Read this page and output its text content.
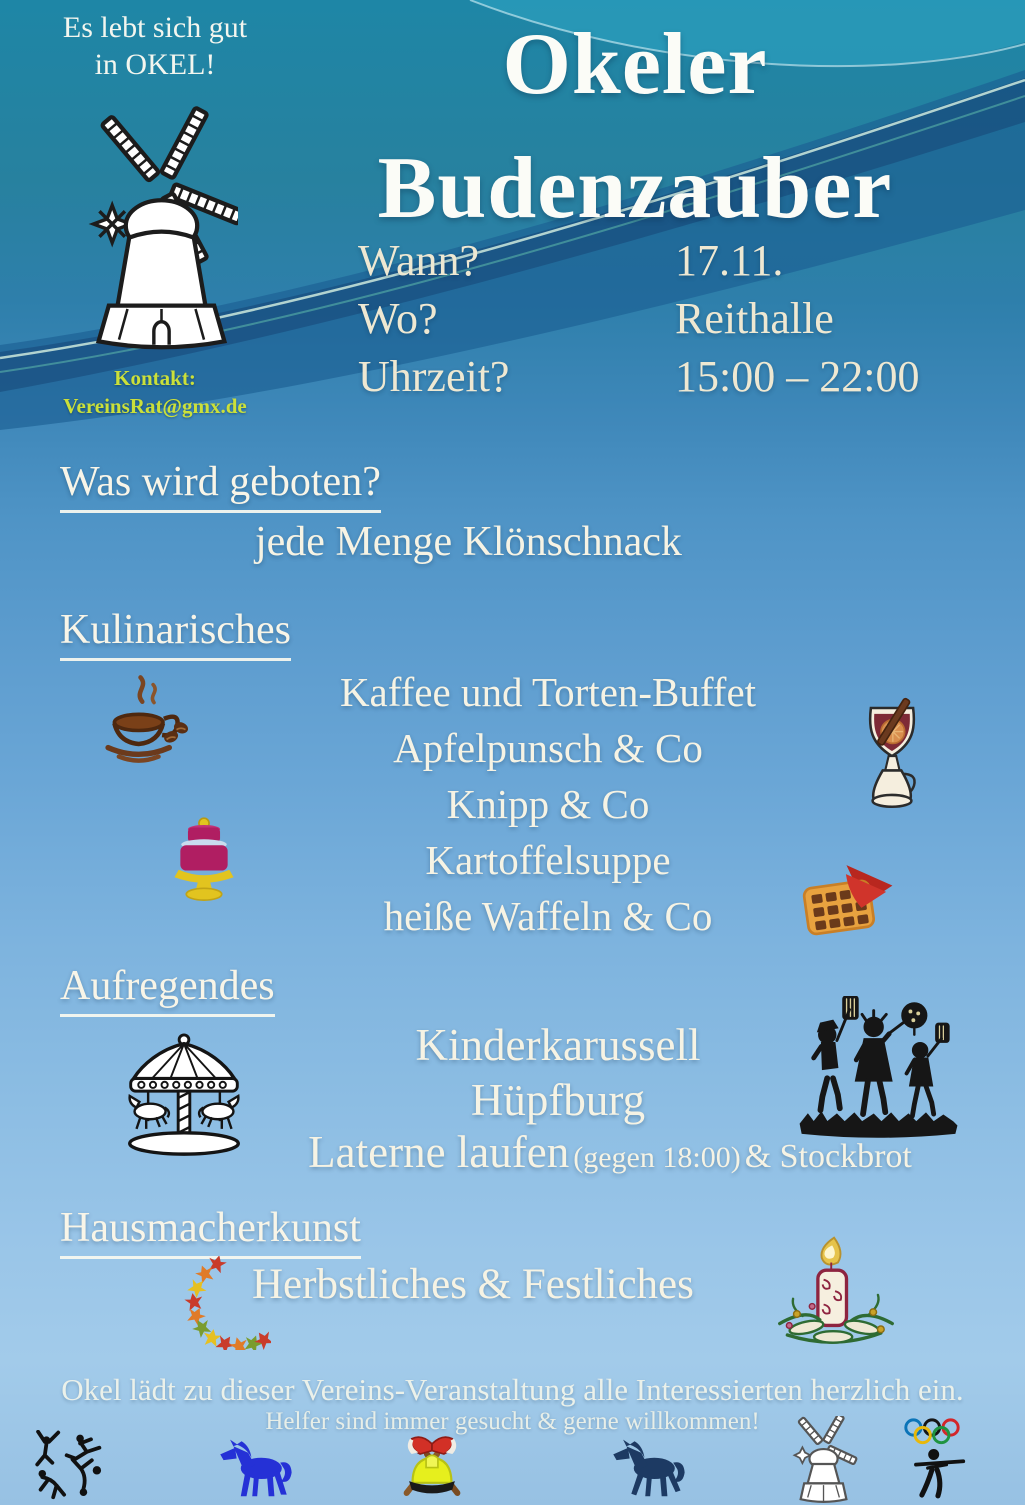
Es lebt sich gut
in OKEL!
Kontakt:
VereinsRat@gmx.de
Okeler
Budenzauber
Wann?	17.11.
Wo?	Reithalle
Uhrzeit?	15:00 – 22:00
Was wird geboten?
jede Menge Klönschnack
Kulinarisches
Kaffee und Torten-Buffet
Apfelpunsch & Co
Knipp & Co
Kartoffelsuppe
heiße Waffeln & Co
Aufregendes
Kinderkarussell
Hüpfburg
Laterne laufen (gegen 18:00) & Stockbrot
Hausmacherkunst
Herbstliches & Festliches
Okel lädt zu dieser Vereins-Veranstaltung alle Interessierten herzlich ein.
Helfer sind immer gesucht & gerne willkommen!
